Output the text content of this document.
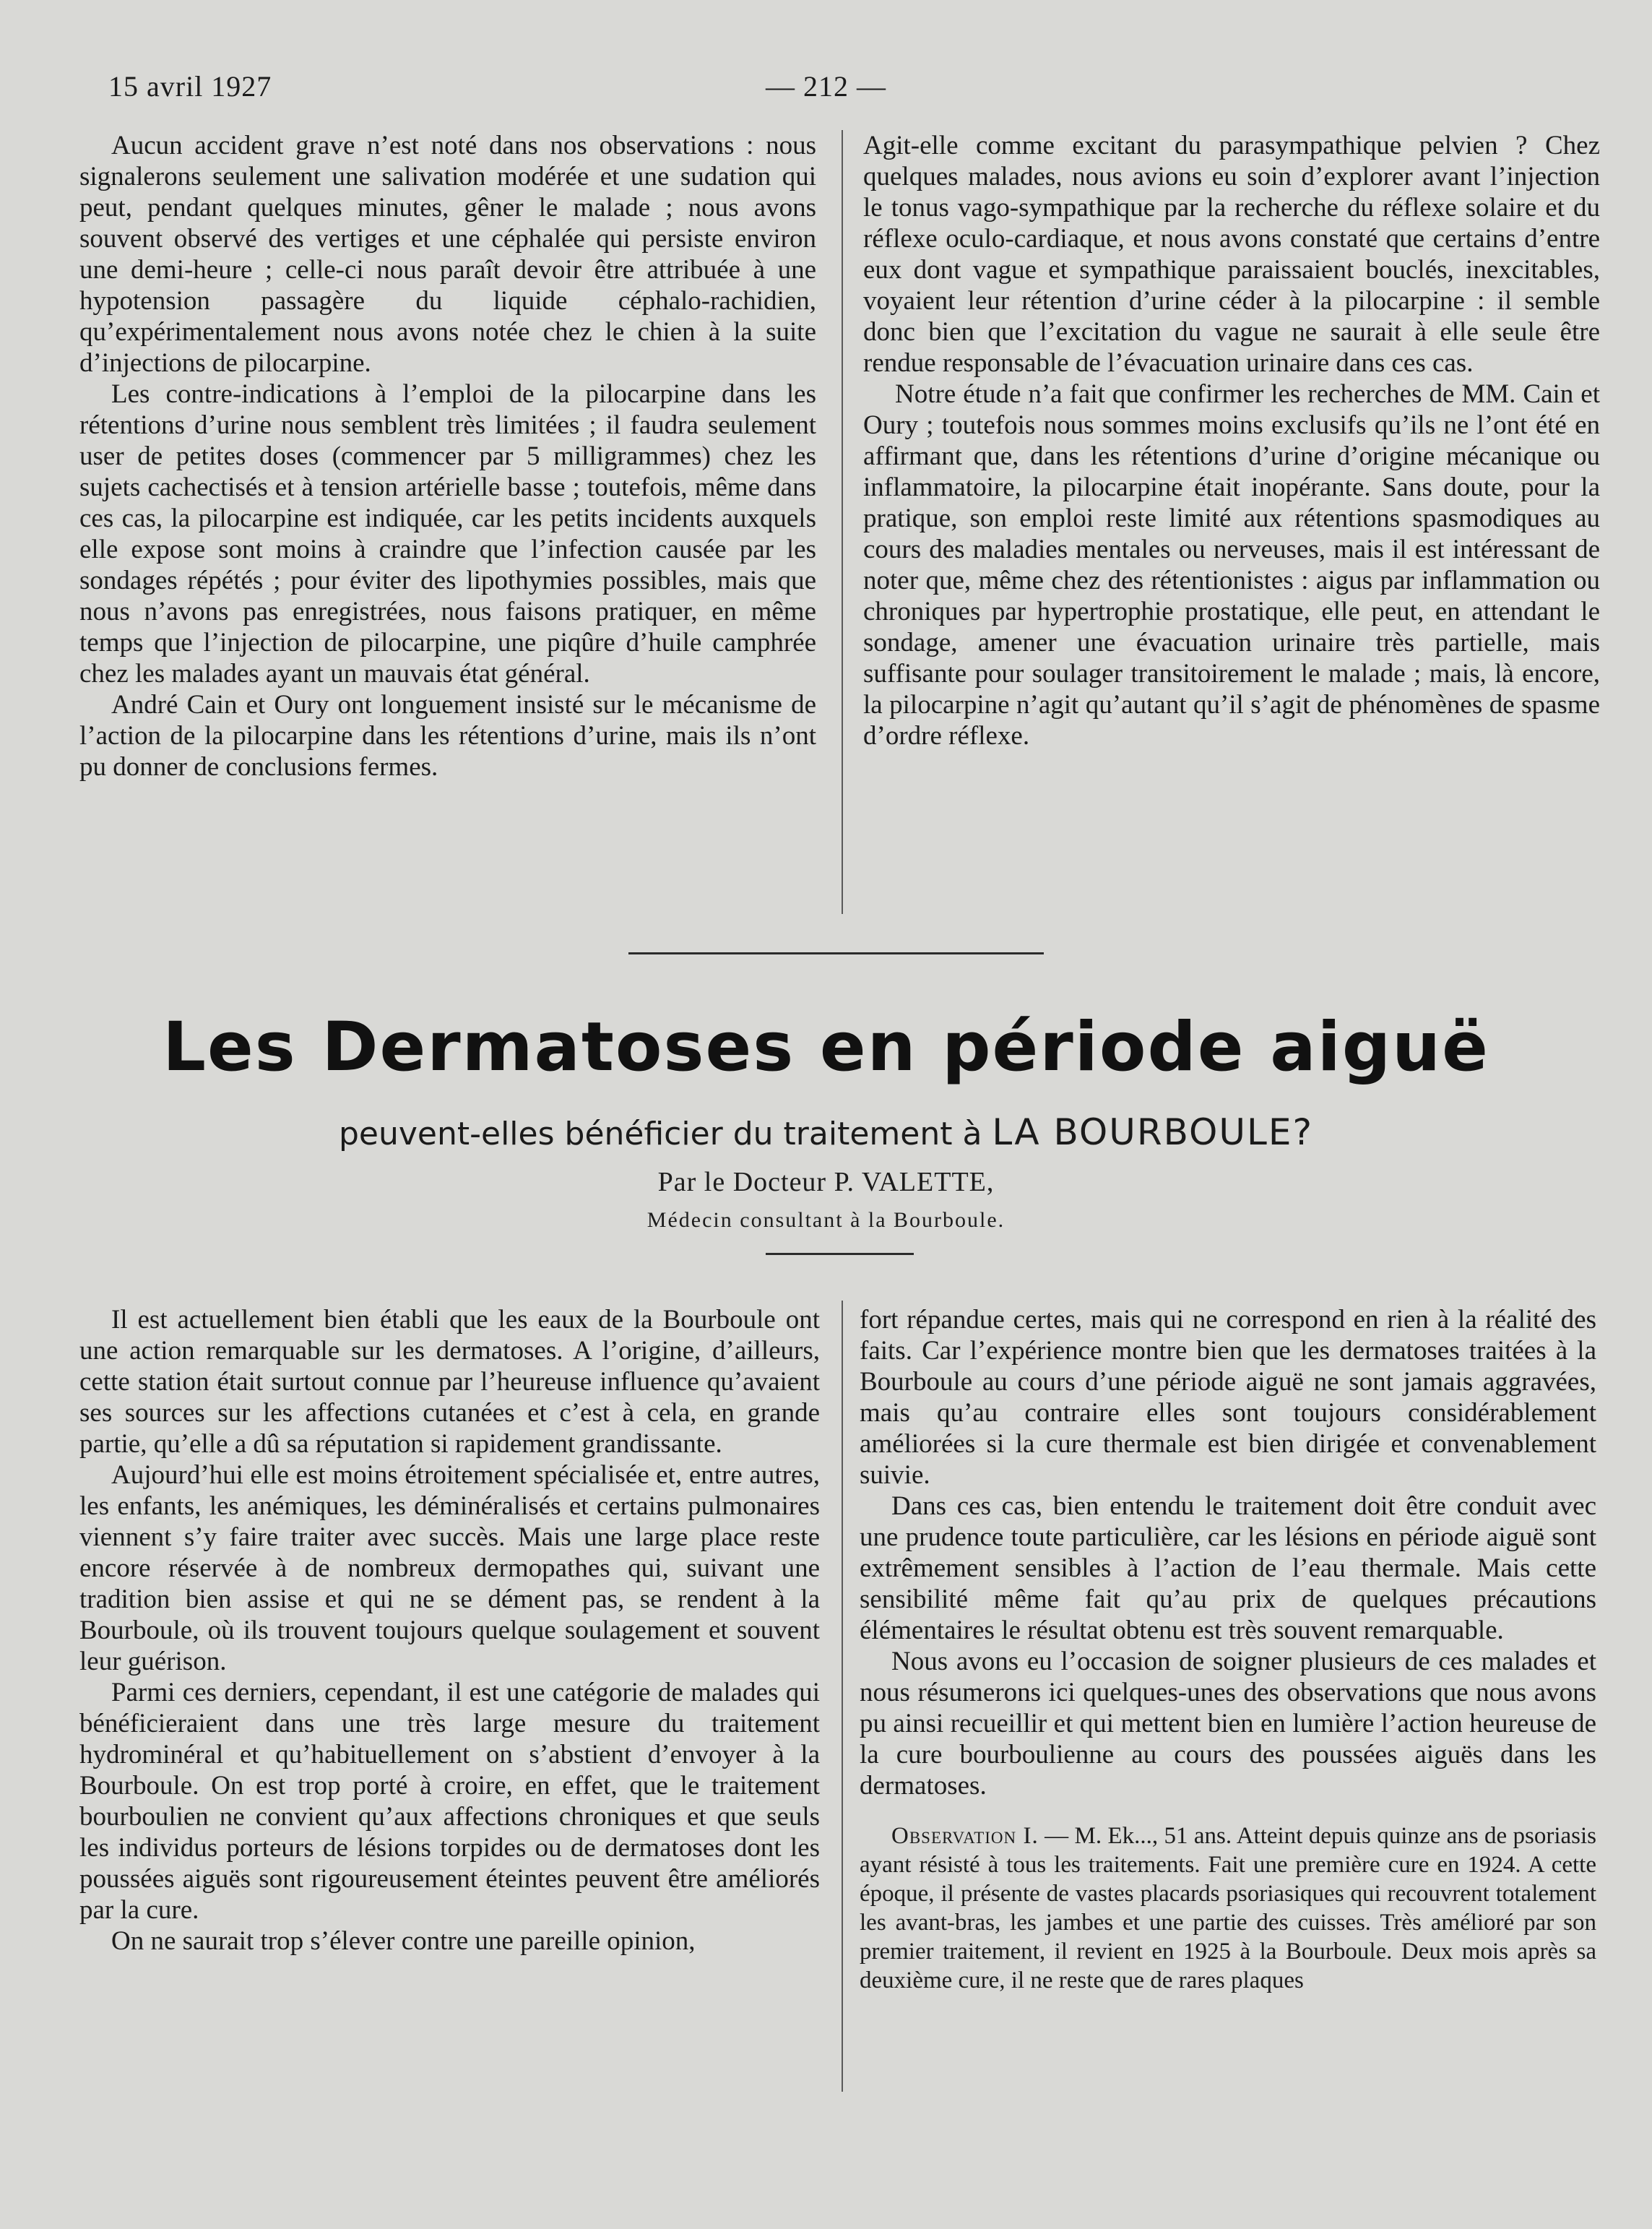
15 avril 1927	— 212 —

Aucun accident grave n’est noté dans nos observations : nous signalerons seulement une salivation modérée et une sudation qui peut, pendant quelques minutes, gêner le malade ; nous avons souvent observé des vertiges et une céphalée qui persiste environ une demi-heure ; celle-ci nous paraît devoir être attribuée à une hypotension passagère du liquide céphalo-rachidien, qu’expérimentalement nous avons notée chez le chien à la suite d’injections de pilocarpine.

Les contre-indications à l’emploi de la pilocarpine dans les rétentions d’urine nous semblent très limitées ; il faudra seulement user de petites doses (commencer par 5 milligrammes) chez les sujets cachectisés et à tension artérielle basse ; toutefois, même dans ces cas, la pilocarpine est indiquée, car les petits incidents auxquels elle expose sont moins à craindre que l’infection causée par les sondages répétés ; pour éviter des lipothymies possibles, mais que nous n’avons pas enregistrées, nous faisons pratiquer, en même temps que l’injection de pilocarpine, une piqûre d’huile camphrée chez les malades ayant un mauvais état général.

André Cain et Oury ont longuement insisté sur le mécanisme de l’action de la pilocarpine dans les rétentions d’urine, mais ils n’ont pu donner de conclusions fermes.

Agit-elle comme excitant du parasympathique pelvien ? Chez quelques malades, nous avions eu soin d’explorer avant l’injection le tonus vago-sympathique par la recherche du réflexe solaire et du réflexe oculo-cardiaque, et nous avons constaté que certains d’entre eux dont vague et sympathique paraissaient bouclés, inexcitables, voyaient leur rétention d’urine céder à la pilocarpine : il semble donc bien que l’excitation du vague ne saurait à elle seule être rendue responsable de l’évacuation urinaire dans ces cas.

Notre étude n’a fait que confirmer les recherches de MM. Cain et Oury ; toutefois nous sommes moins exclusifs qu’ils ne l’ont été en affirmant que, dans les rétentions d’urine d’origine mécanique ou inflammatoire, la pilocarpine était inopérante. Sans doute, pour la pratique, son emploi reste limité aux rétentions spasmodiques au cours des maladies mentales ou nerveuses, mais il est intéressant de noter que, même chez des rétentionistes : aigus par inflammation ou chroniques par hypertrophie prostatique, elle peut, en attendant le sondage, amener une évacuation urinaire très partielle, mais suffisante pour soulager transitoirement le malade ; mais, là encore, la pilocarpine n’agit qu’autant qu’il s’agit de phénomènes de spasme d’ordre réflexe.

Les Dermatoses en période aiguë
peuvent-elles bénéficier du traitement à LA BOURBOULE?
Par le Docteur P. VALETTE,
Médecin consultant à la Bourboule.

Il est actuellement bien établi que les eaux de la Bourboule ont une action remarquable sur les dermatoses. A l’origine, d’ailleurs, cette station était surtout connue par l’heureuse influence qu’avaient ses sources sur les affections cutanées et c’est à cela, en grande partie, qu’elle a dû sa réputation si rapidement grandissante.

Aujourd’hui elle est moins étroitement spécialisée et, entre autres, les enfants, les anémiques, les déminéralisés et certains pulmonaires viennent s’y faire traiter avec succès. Mais une large place reste encore réservée à de nombreux dermopathes qui, suivant une tradition bien assise et qui ne se dément pas, se rendent à la Bourboule, où ils trouvent toujours quelque soulagement et souvent leur guérison.

Parmi ces derniers, cependant, il est une catégorie de malades qui bénéficieraient dans une très large mesure du traitement hydrominéral et qu’habituellement on s’abstient d’envoyer à la Bourboule. On est trop porté à croire, en effet, que le traitement bourboulien ne convient qu’aux affections chroniques et que seuls les individus porteurs de lésions torpides ou de dermatoses dont les poussées aiguës sont rigoureusement éteintes peuvent être améliorés par la cure.

On ne saurait trop s’élever contre une pareille opinion,

fort répandue certes, mais qui ne correspond en rien à la réalité des faits. Car l’expérience montre bien que les dermatoses traitées à la Bourboule au cours d’une période aiguë ne sont jamais aggravées, mais qu’au contraire elles sont toujours considérablement améliorées si la cure thermale est bien dirigée et convenablement suivie.

Dans ces cas, bien entendu le traitement doit être conduit avec une prudence toute particulière, car les lésions en période aiguë sont extrêmement sensibles à l’action de l’eau thermale. Mais cette sensibilité même fait qu’au prix de quelques précautions élémentaires le résultat obtenu est très souvent remarquable.

Nous avons eu l’occasion de soigner plusieurs de ces malades et nous résumerons ici quelques-unes des observations que nous avons pu ainsi recueillir et qui mettent bien en lumière l’action heureuse de la cure bourboulienne au cours des poussées aiguës dans les dermatoses.

Observation I. — M. Ek..., 51 ans. Atteint depuis quinze ans de psoriasis ayant résisté à tous les traitements. Fait une première cure en 1924. A cette époque, il présente de vastes placards psoriasiques qui recouvrent totalement les avant-bras, les jambes et une partie des cuisses. Très amélioré par son premier traitement, il revient en 1925 à la Bourboule. Deux mois après sa deuxième cure, il ne reste que de rares plaques
